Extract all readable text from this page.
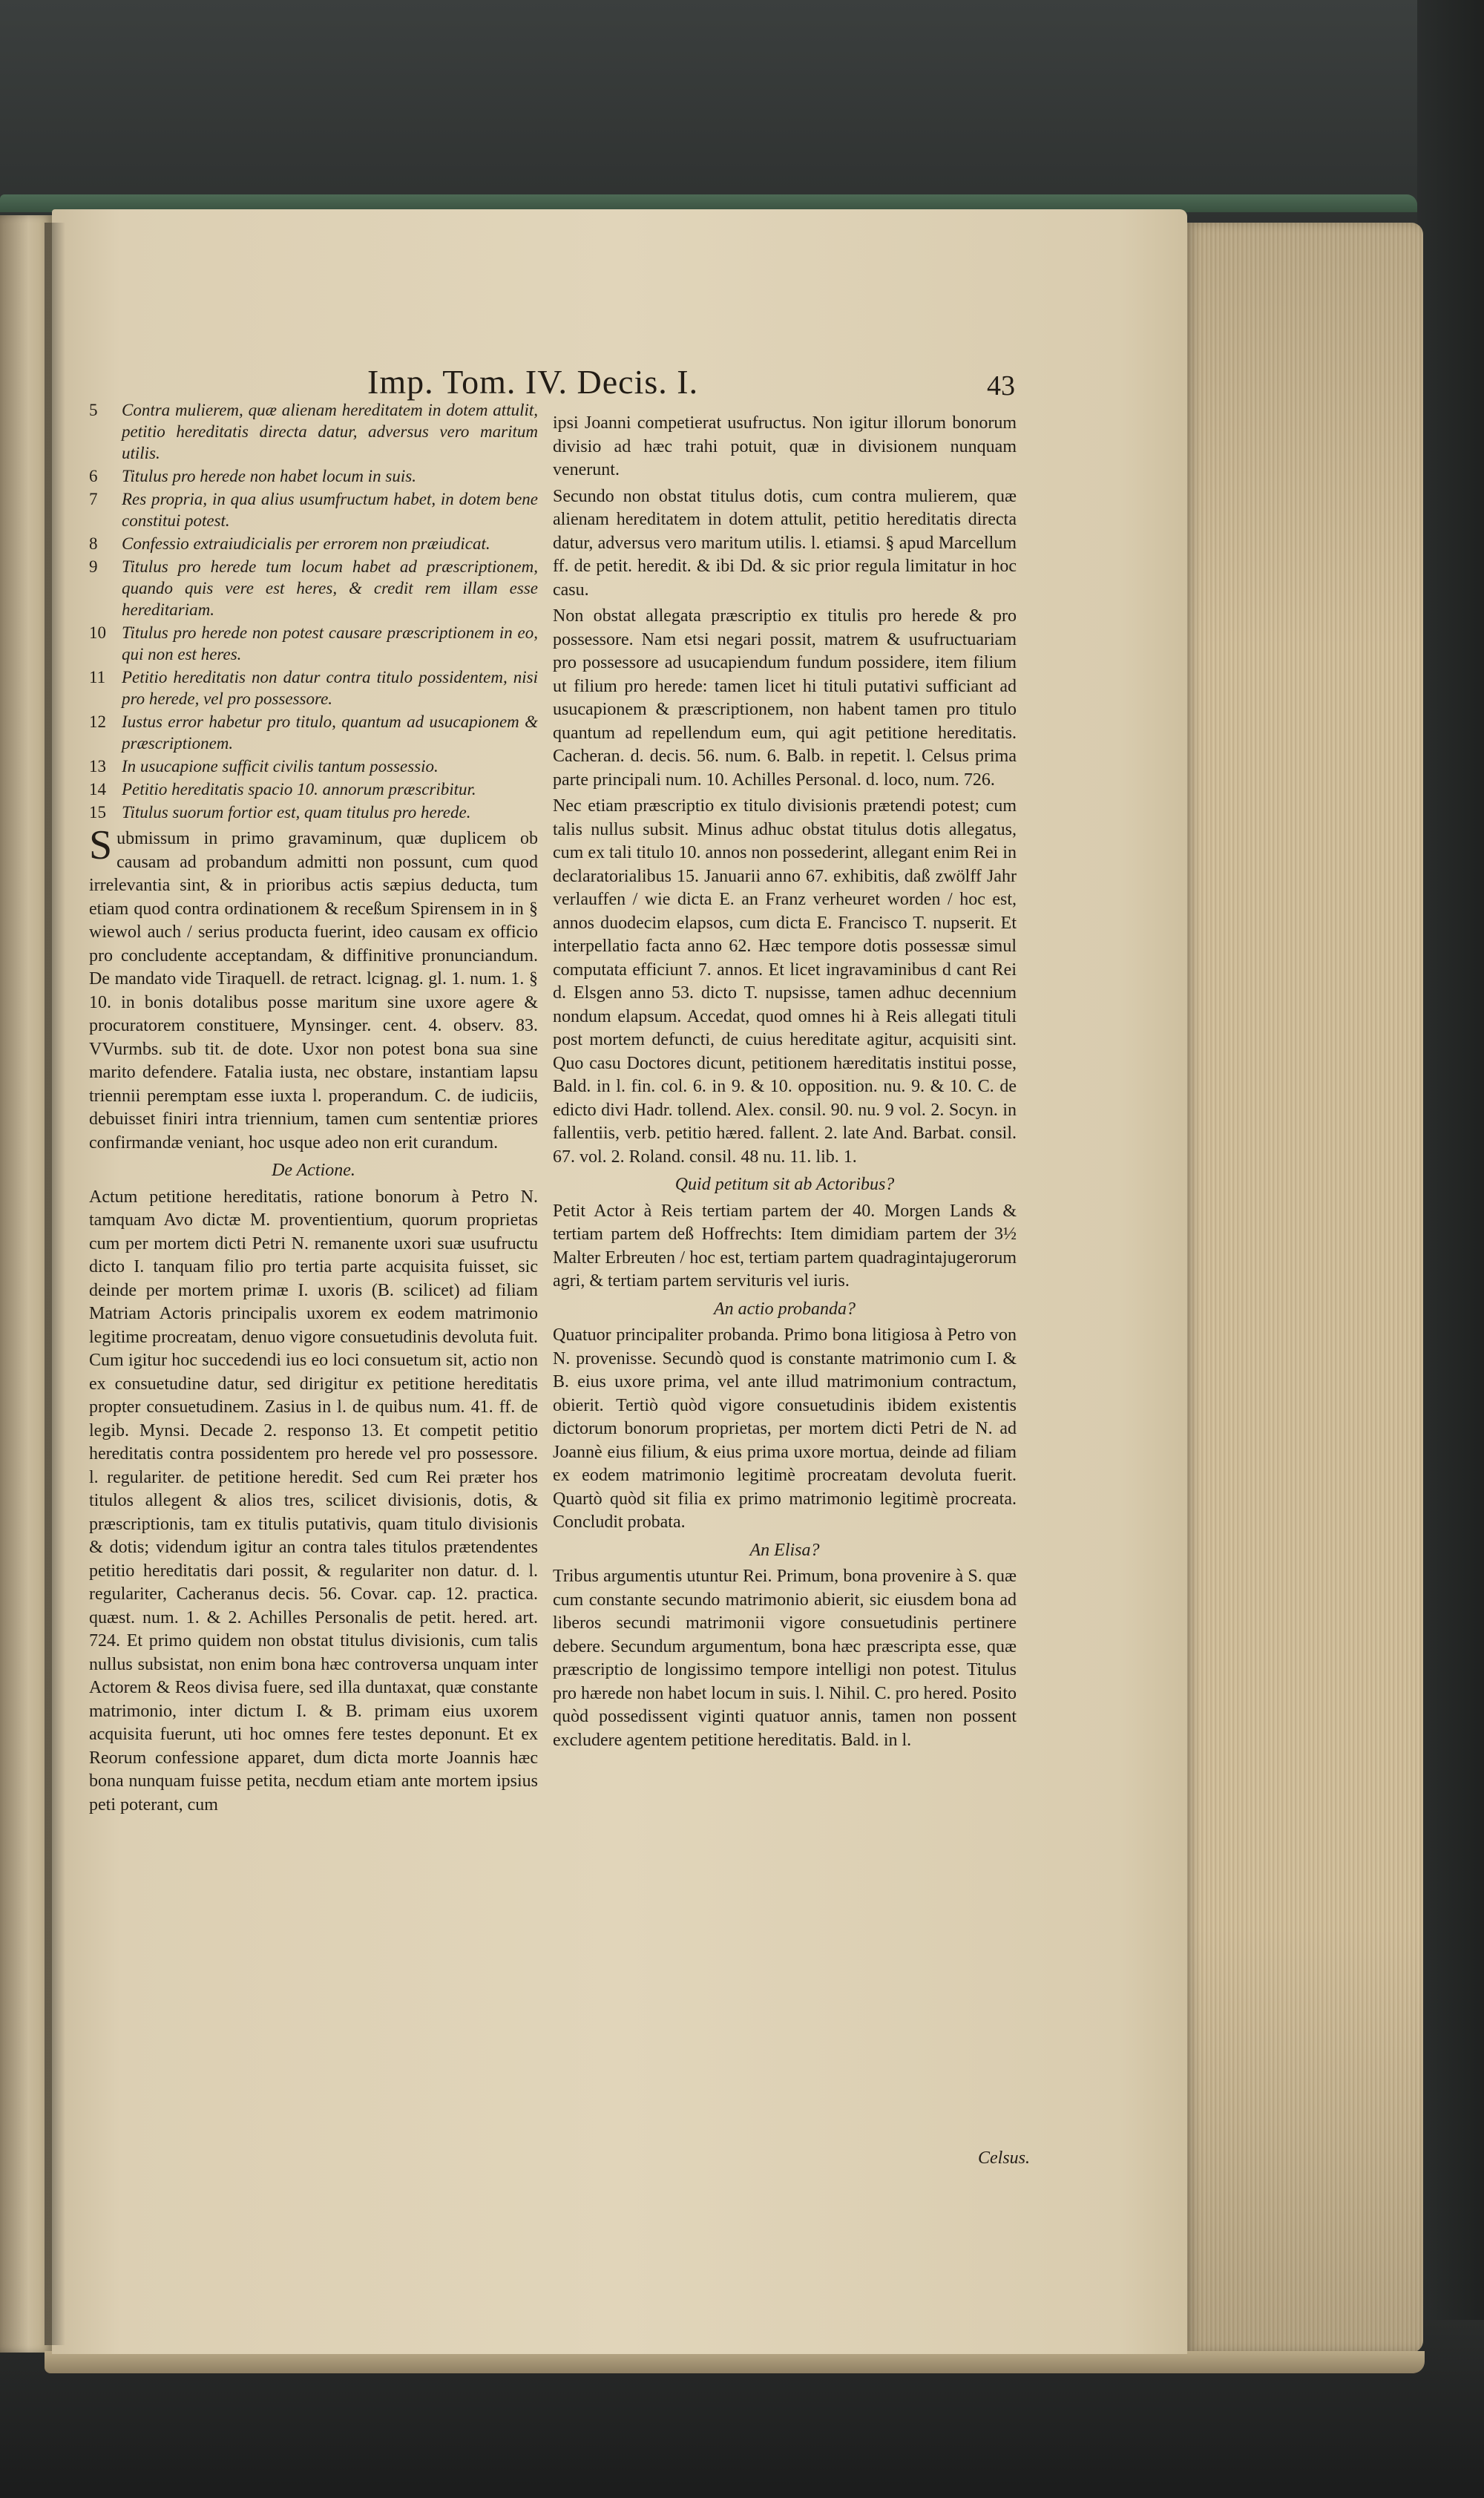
Imp. Tom. IV. Decis. I.	43
5	Contra mulierem, quæ alienam hereditatem in dotem attulit, petitio hereditatis directa datur, adversus vero maritum utilis.
6	Titulus pro herede non habet locum in suis.
7	Res propria, in qua alius usumfructum habet, in dotem bene constitui potest.
8	Confessio extraiudicialis per errorem non præiudicat.
9	Titulus pro herede tum locum habet ad præscriptionem, quando quis vere est heres, & credit rem illam esse hereditariam.
10 Titulus pro herede non potest causare præscriptionem in eo, qui non est heres.
11 Petitio hereditatis non datur contra titulo possidentem, nisi pro herede, vel pro possessore.
12 Iustus error habetur pro titulo, quantum ad usucapionem & præscriptionem.
13 In usucapione sufficit civilis tantum possessio.
14 Petitio hereditatis spacio 10. annorum præscribitur.
15 Titulus suorum fortior est, quam titulus pro herede.

Submissum in primo gravaminum, quæ duplicem ob causam ad probandum admitti non possunt, cum quod irrelevantia sint, & in prioribus actis sæpius deducta, tum etiam quod contra ordinationem & receßum Spirensem in in § wiewol auch / serius producta fuerint, ideo causam ex officio pro concludente acceptandam, & diffinitive pronunciandum. De mandato vide Tiraquell. de retract. lcignag. gl. 1. num. 1. § 10. in bonis dotalibus posse maritum sine uxore agere & procuratorem constituere, Mynsinger. cent. 4. observ. 83. VVurmbs. sub tit. de dote. Uxor non potest bona sua sine marito defendere. Fatalia iusta, nec obstare, instantiam lapsu triennii peremptam esse iuxta l. properandum. C. de iudiciis, debuisset finiri intra triennium, tamen cum sententiæ priores confirmandæ veniant, hoc usque adeo non erit curandum.

De Actione.

Actum petitione hereditatis, ratione bonorum à Petro N. tamquam Avo dictæ M. proventientium, quorum proprietas cum per mortem dicti Petri N. remanente uxori suæ usufructu dicto I. tanquam filio pro tertia parte acquisita fuisset, sic deinde per mortem primæ I. uxoris (B. scilicet) ad filiam Matriam Actoris principalis uxorem ex eodem matrimonio legitime procreatam, denuo vigore consuetudinis devoluta fuit. Cum igitur hoc succedendi ius eo loci consuetum sit, actio non ex consuetudine datur, sed dirigitur ex petitione hereditatis propter consuetudinem. Zasius in l. de quibus num. 41. ff. de legib. Mynsi. Decade 2. responso 13. Et competit petitio hereditatis contra possidentem pro herede vel pro possessore. l. regulariter. de petitione heredit. Sed cum Rei præter hos titulos allegent & alios tres, scilicet divisionis, dotis, & præscriptionis, tam ex titulis putativis, quam titulo divisionis & dotis; videndum igitur an contra tales titulos prætendentes petitio hereditatis dari possit, & regulariter non datur. d. l. regulariter, Cacheranus decis. 56. Covar. cap. 12. practica. quæst. num. 1. & 2. Achilles Personalis de petit. hered. art. 724. Et primo quidem non obstat titulus divisionis, cum talis nullus subsistat, non enim bona hæc controversa unquam inter Actorem & Reos divisa fuere, sed illa duntaxat, quæ constante matrimonio, inter dictum I. & B. primam eius uxorem acquisita fuerunt, uti hoc omnes fere testes deponunt. Et ex Reorum confessione apparet, dum dicta morte Joannis hæc bona nunquam fuisse petita, necdum etiam ante mortem ipsius peti poterant, cum

ipsi Joanni competierat usufructus. Non igitur illorum bonorum divisio ad hæc trahi potuit, quæ in divisionem nunquam venerunt.

Secundo non obstat titulus dotis, cum contra mulierem, quæ alienam hereditatem in dotem attulit, petitio hereditatis directa datur, adversus vero maritum utilis. l. etiamsi. § apud Marcellum ff. de petit. heredit. & ibi Dd. & sic prior regula limitatur in hoc casu.

Non obstat allegata præscriptio ex titulis pro herede & pro possessore. Nam etsi negari possit, matrem & usufructuariam pro possessore ad usucapiendum fundum possidere, item filium ut filium pro herede: tamen licet hi tituli putativi sufficiant ad usucapionem & præscriptionem, non habent tamen pro titulo quantum ad repellendum eum, qui agit petitione hereditatis. Cacheran. d. decis. 56. num. 6. Balb. in repetit. l. Celsus prima parte principali num. 10. Achilles Personal. d. loco, num. 726.

Nec etiam præscriptio ex titulo divisionis prætendi potest; cum talis nullus subsit. Minus adhuc obstat titulus dotis allegatus, cum ex tali titulo 10. annos non possederint, allegant enim Rei in declaratorialibus 15. Januarii anno 67. exhibitis, daß zwölff Jahr verlauffen / wie dicta E. an Franz verheuret worden / hoc est, annos duodecim elapsos, cum dicta E. Francisco T. nupserit. Et interpellatio facta anno 62. Hæc tempore dotis possessæ simul computata efficiunt 7. annos. Et licet ingravaminibus d cant Rei d. Elsgen anno 53. dicto T. nupsisse, tamen adhuc decennium nondum elapsum. Accedat, quod omnes hi à Reis allegati tituli post mortem defuncti, de cuius hereditate agitur, acquisiti sint. Quo casu Doctores dicunt, petitionem hæreditatis institui posse, Bald. in l. fin. col. 6. in 9. & 10. opposition. nu. 9. & 10. C. de edicto divi Hadr. tollend. Alex. consil. 90. nu. 9 vol. 2. Socyn. in fallentiis, verb. petitio hæred. fallent. 2. late And. Barbat. consil. 67. vol. 2. Roland. consil. 48 nu. 11. lib. 1.

Quid petitum sit ab Actoribus?

Petit Actor à Reis tertiam partem der 40. Morgen Lands & tertiam partem deß Hoffrechts: Item dimidiam partem der 3½ Malter Erbreuten / hoc est, tertiam partem quadragintajugerorum agri, & tertiam partem servituris vel iuris.

An actio probanda?

Quatuor principaliter probanda. Primo bona litigiosa à Petro von N. provenisse. Secundò quod is constante matrimonio cum I. & B. eius uxore prima, vel ante illud matrimonium contractum, obierit. Tertiò quòd vigore consuetudinis ibidem existentis dictorum bonorum proprietas, per mortem dicti Petri de N. ad Joannè eius filium, & eius prima uxore mortua, deinde ad filiam ex eodem matrimonio legitimè procreatam devoluta fuerit. Quartò quòd sit filia ex primo matrimonio legitimè procreata. Concludit probata.

An Elisa?

Tribus argumentis utuntur Rei. Primum, bona provenire à S. quæ cum constante secundo matrimonio abierit, sic eiusdem bona ad liberos secundi matrimonii vigore consuetudinis pertinere debere. Secundum argumentum, bona hæc præscripta esse, quæ præscriptio de longissimo tempore intelligi non potest. Titulus pro hærede non habet locum in suis. l. Nihil. C. pro hered. Posito quòd possedissent viginti quatuor annis, tamen non possent excludere agentem petitione hereditatis. Bald. in l.

Celsus.
